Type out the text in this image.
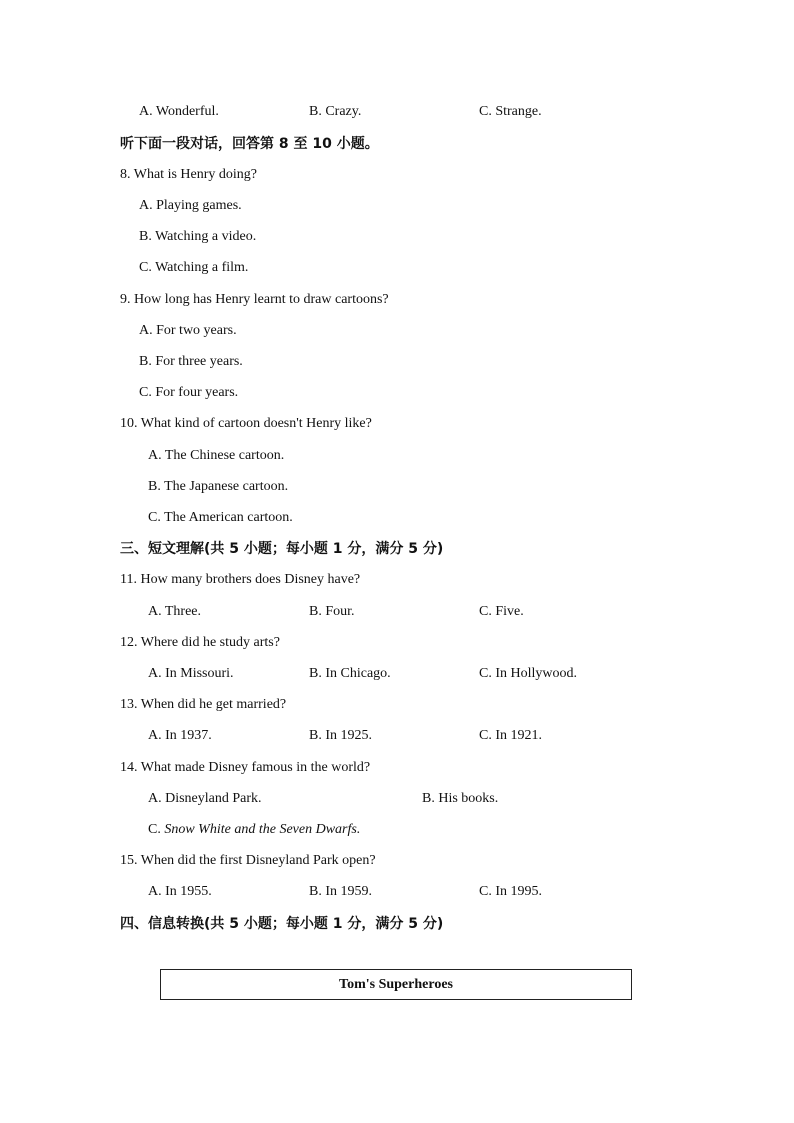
A. Wonderful.	B. Crazy.	C. Strange.
听下面一段对话，回答第 8 至 10 小题。
8. What is Henry doing?
A. Playing games.
B. Watching a video.
C. Watching a film.
9. How long has Henry learnt to draw cartoons?
A. For two years.
B. For three years.
C. For four years.
10. What kind of cartoon doesn't Henry like?
A. The Chinese cartoon.
B. The Japanese cartoon.
C. The American cartoon.
三、短文理解(共 5 小题；每小题 1 分，满分 5 分)
11. How many brothers does Disney have?
A. Three.	B. Four.	C. Five.
12. Where did he study arts?
A. In Missouri.	B. In Chicago.	C. In Hollywood.
13. When did he get married?
A. In 1937.	B. In 1925.	C. In 1921.
14. What made Disney famous in the world?
A. Disneyland Park.	B. His books.
C. Snow White and the Seven Dwarfs.
15. When did the first Disneyland Park open?
A. In 1955.	B. In 1959.	C. In 1995.
四、信息转换(共 5 小题；每小题 1 分，满分 5 分)
Tom's Superheroes
